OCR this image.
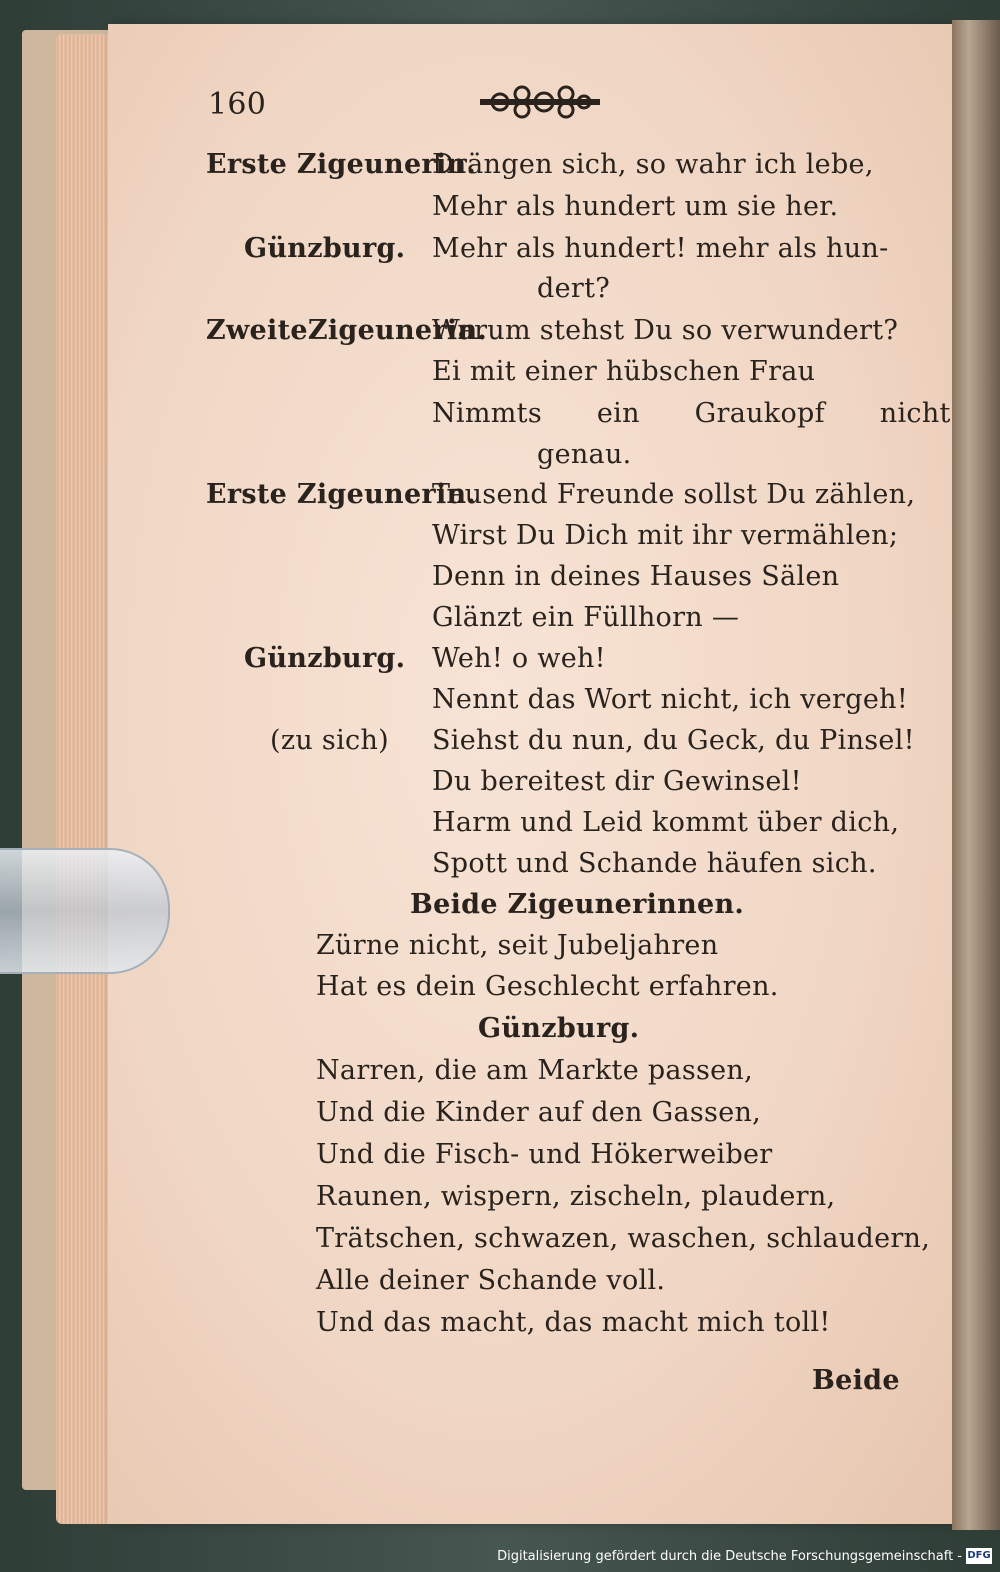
160
Erste Zigeunerin.
Drängen sich, so wahr ich lebe,
Mehr als hundert um sie her.
Günzburg. Mehr als hundert! mehr als hun-
dert?
ZweiteZigeunerin.
Warum stehst Du so verwundert?
Ei mit einer hübschen Frau
Nimmts ein Graukopf nicht
genau.
Erste Zigeunerin.
Tausend Freunde sollst Du zählen,
Wirst Du Dich mit ihr vermählen;
Denn in deines Hauses Sälen
Glänzt ein Füllhorn —
Günzburg. Weh! o weh!
Nennt das Wort nicht, ich vergeh!
(zu sich) Siehst du nun, du Geck, du Pinsel!
Du bereitest dir Gewinsel!
Harm und Leid kommt über dich,
Spott und Schande häufen sich.
Beide Zigeunerinnen.
Zürne nicht, seit Jubeljahren
Hat es dein Geschlecht erfahren.
Günzburg.
Narren, die am Markte passen,
Und die Kinder auf den Gassen,
Und die Fisch- und Hökerweiber
Raunen, wispern, zischeln, plaudern,
Trätschen, schwazen, waschen, schlaudern,
Alle deiner Schande voll.
Und das macht, das macht mich toll!
Beide
Digitalisierung gefördert durch die Deutsche Forschungsgemeinschaft - DFG
